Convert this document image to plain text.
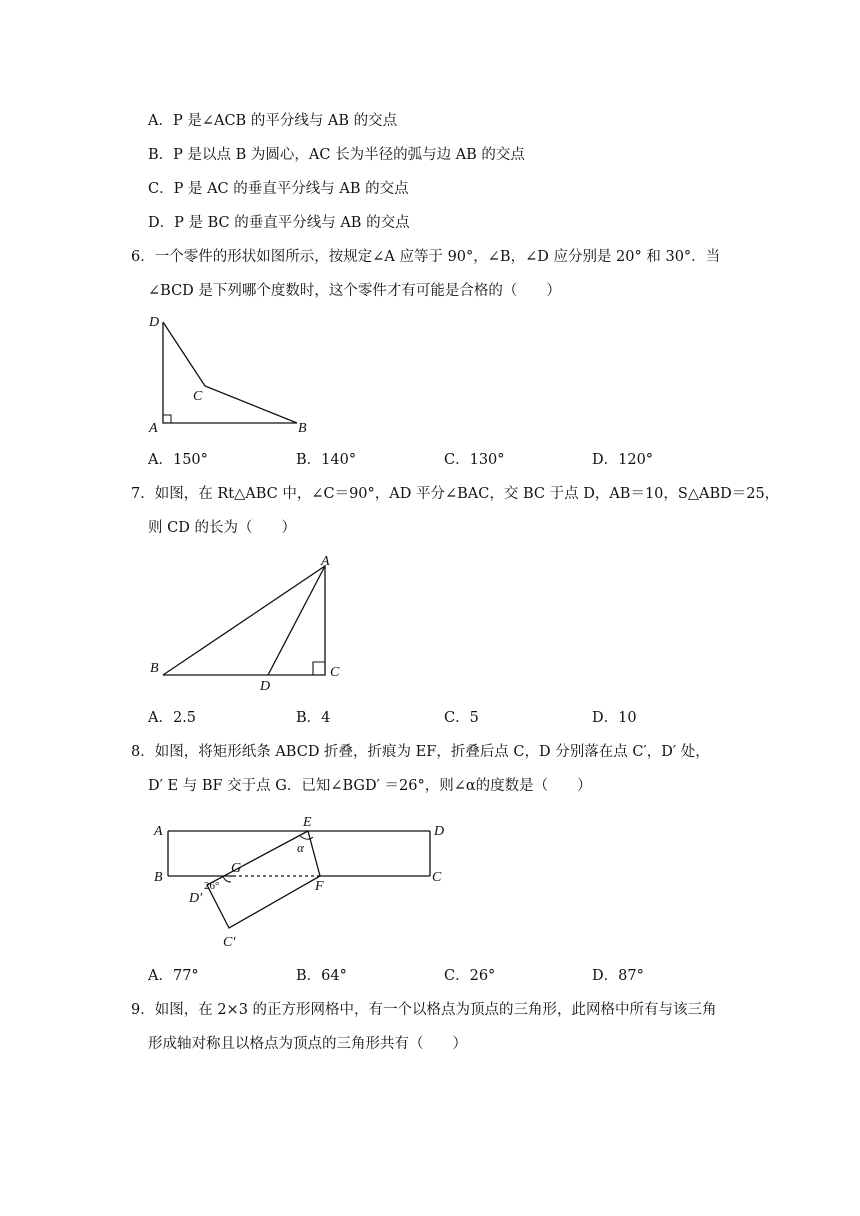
A．P 是∠ACB 的平分线与 AB 的交点
B．P 是以点 B 为圆心，AC 长为半径的弧与边 AB 的交点
C．P 是 AC 的垂直平分线与 AB 的交点
D．P 是 BC 的垂直平分线与 AB 的交点
6．一个零件的形状如图所示，按规定∠A 应等于 90°，∠B，∠D 应分别是 20° 和 30°．当
∠BCD 是下列哪个度数时，这个零件才有可能是合格的（　　）
D
C
A	B
A．150°	B．140°	C．130°	D．120°
7．如图，在 Rt△ABC 中，∠C＝90°，AD 平分∠BAC，交 BC 于点 D，AB＝10，S△ABD＝25，
则 CD 的长为（　　）
A
B	C
D
A．2.5	B．4	C．5	D．10
8．如图，将矩形纸条 ABCD 折叠，折痕为 EF，折叠后点 C，D 分别落在点 C′，D′ 处，
D′ E 与 BF 交于点 G．已知∠BGD′ ＝26°，则∠α的度数是（　　）
A	D
B	C
E
F
G
D′
C′
α
26°
A．77°	B．64°	C．26°	D．87°
9．如图，在 2×3 的正方形网格中，有一个以格点为顶点的三角形，此网格中所有与该三角
形成轴对称且以格点为顶点的三角形共有（　　）
